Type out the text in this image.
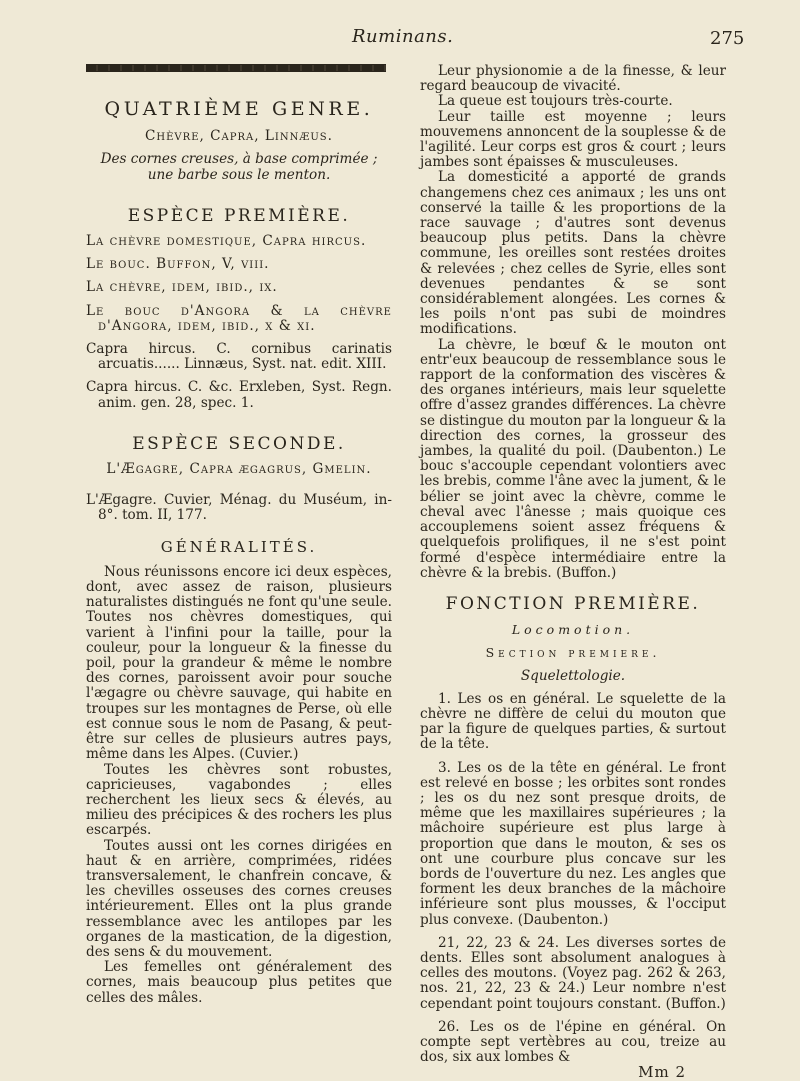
Ruminans.	275
QUATRIÈME GENRE.

Chèvre, Capra, Linnæus.

Des cornes creuses, à base comprimée ; une barbe sous le menton.

ESPÈCE PREMIÈRE.

La chèvre domestique, Capra hircus.

Le bouc. Buffon, V, viii.

La chèvre, idem, ibid., ix.

Le bouc d'Angora & la chèvre d'Angora, idem, ibid., x & xi.

Capra hircus. C. cornibus carinatis arcuatis...... Linnæus, Syst. nat. edit. XIII.

Capra hircus. C. &c. Erxleben, Syst. Regn. anim. gen. 28, spec. 1.

ESPÈCE SECONDE.

L'Ægagre, Capra ægagrus, Gmelin.

L'Ægagre. Cuvier, Ménag. du Muséum, in-8°. tom. II, 177.

GÉNÉRALITÉS.

Nous réunissons encore ici deux espèces, dont, avec assez de raison, plusieurs naturalistes distingués ne font qu'une seule. Toutes nos chèvres domestiques, qui varient à l'infini pour la taille, pour la couleur, pour la longueur & la finesse du poil, pour la grandeur & même le nombre des cornes, paroissent avoir pour souche l'ægagre ou chèvre sauvage, qui habite en troupes sur les montagnes de Perse, où elle est connue sous le nom de Pasang, & peut-être sur celles de plusieurs autres pays, même dans les Alpes. (Cuvier.)

Toutes les chèvres sont robustes, capricieuses, vagabondes ; elles recherchent les lieux secs & élevés, au milieu des précipices & des rochers les plus escarpés.

Toutes aussi ont les cornes dirigées en haut & en arrière, comprimées, ridées transversalement, le chanfrein concave, & les chevilles osseuses des cornes creuses intérieurement. Elles ont la plus grande ressemblance avec les antilopes par les organes de la mastication, de la digestion, des sens & du mouvement.

Les femelles ont généralement des cornes, mais beaucoup plus petites que celles des mâles.

Leur physionomie a de la finesse, & leur regard beaucoup de vivacité.

La queue est toujours très-courte.

Leur taille est moyenne ; leurs mouvemens annoncent de la souplesse & de l'agilité. Leur corps est gros & court ; leurs jambes sont épaisses & musculeuses.

La domesticité a apporté de grands changemens chez ces animaux ; les uns ont conservé la taille & les proportions de la race sauvage ; d'autres sont devenus beaucoup plus petits. Dans la chèvre commune, les oreilles sont restées droites & relevées ; chez celles de Syrie, elles sont devenues pendantes & se sont considérablement alongées. Les cornes & les poils n'ont pas subi de moindres modifications.

La chèvre, le bœuf & le mouton ont entr'eux beaucoup de ressemblance sous le rapport de la conformation des viscères & des organes intérieurs, mais leur squelette offre d'assez grandes différences. La chèvre se distingue du mouton par la longueur & la direction des cornes, la grosseur des jambes, la qualité du poil. (Daubenton.) Le bouc s'accouple cependant volontiers avec les brebis, comme l'âne avec la jument, & le bélier se joint avec la chèvre, comme le cheval avec l'ânesse ; mais quoique ces accouplemens soient assez fréquens & quelquefois prolifiques, il ne s'est point formé d'espèce intermédiaire entre la chèvre & la brebis. (Buffon.)

FONCTION PREMIÈRE.

Locomotion.

Section premiere.

Squelettologie.

1. Les os en général. Le squelette de la chèvre ne diffère de celui du mouton que par la figure de quelques parties, & surtout de la tête.

3. Les os de la tête en général. Le front est relevé en bosse ; les orbites sont rondes ; les os du nez sont presque droits, de même que les maxillaires supérieures ; la mâchoire supérieure est plus large à proportion que dans le mouton, & ses os ont une courbure plus concave sur les bords de l'ouverture du nez. Les angles que forment les deux branches de la mâchoire inférieure sont plus mousses, & l'occiput plus convexe. (Daubenton.)

21, 22, 23 & 24. Les diverses sortes de dents. Elles sont absolument analogues à celles des moutons. (Voyez pag. 262 & 263, nos. 21, 22, 23 & 24.) Leur nombre n'est cependant point toujours constant. (Buffon.)

26. Les os de l'épine en général. On compte sept vertèbres au cou, treize au dos, six aux lombes &

Mm 2
